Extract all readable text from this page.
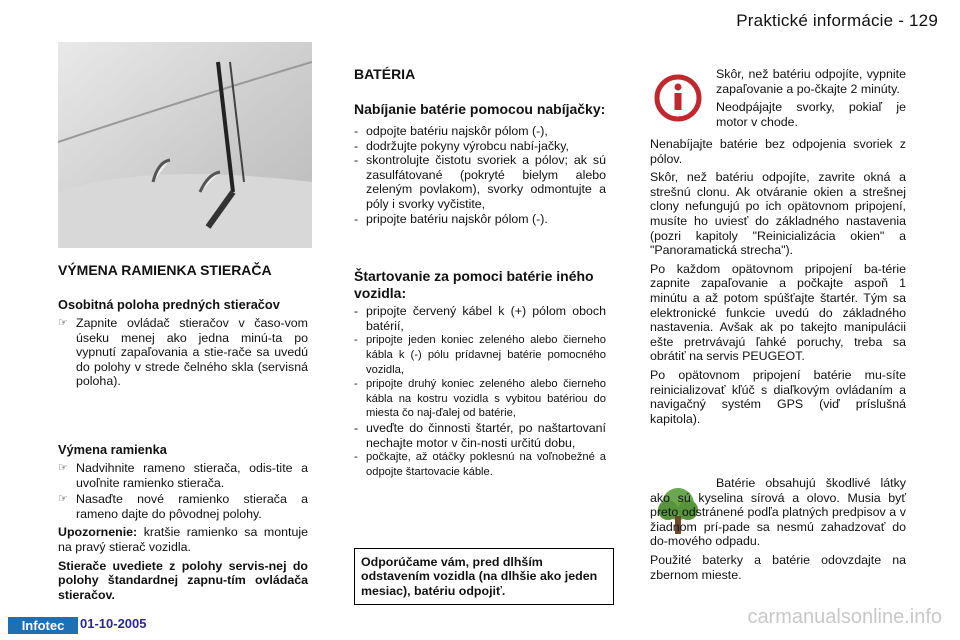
Praktické informácie - 129
VÝMENA RAMIENKA STIERAČA
Osobitná poloha predných stieračov
☞ Zapnite ovládač stieračov v časo-vom úseku menej ako jedna minú-ta po vypnutí zapaľovania a stie-rače sa uvedú do polohy v strede čelného skla (servisná poloha).
Výmena ramienka
☞ Nadvihnite rameno stierača, odis-tite a uvoľnite ramienko stierača.
☞ Nasaďte nové ramienko stierača a rameno dajte do pôvodnej polohy.

Upozornenie: kratšie ramienko sa montuje na pravý stierač vozidla.

Stierače uvediete z polohy servis-nej do polohy štandardnej zapnu-tím ovládača stieračov.

BATÉRIA
Nabíjanie batérie pomocou nabíjačky:
- odpojte batériu najskôr pólom (-),
- dodržujte pokyny výrobcu nabí-jačky,
- skontrolujte čistotu svoriek a pólov; ak sú zasulfátované (pokryté bielym alebo zeleným povlakom), svorky odmontujte a póly i svorky vyčistite,
- pripojte batériu najskôr pólom (-).
Štartovanie za pomoci batérie iného vozidla:
- pripojte červený kábel k (+) pólom oboch batérií,
- pripojte jeden koniec zeleného alebo čierneho kábla k (-) pólu prídavnej batérie pomocného vozidla,
- pripojte druhý koniec zeleného alebo čierneho kábla na kostru vozidla s vybitou batériou do miesta čo naj-ďalej od batérie,
- uveďte do činnosti štartér, po naštartovaní nechajte motor v čin-nosti určitú dobu,
- počkajte, až otáčky poklesnú na voľnobežné a odpojte štartovacie káble.
Odporúčame vám, pred dlhším odstavením vozidla (na dlhšie ako jeden mesiac), batériu odpojiť.

Skôr, než batériu odpojíte, vypnite zapaľovanie a po-čkajte 2 minúty.

Neodpájajte svorky, pokiaľ je motor v chode.

Nenabíjajte batérie bez odpojenia svoriek z pólov.

Skôr, než batériu odpojíte, zavrite okná a strešnú clonu. Ak otváranie okien a strešnej clony nefungujú po ich opätovnom pripojení, musíte ho uviesť do základného nastavenia (pozri kapitoly "Reinicializácia okien" a "Panoramatická strecha").

Po každom opätovnom pripojení ba-térie zapnite zapaľovanie a počkajte aspoň 1 minútu a až potom spúšťajte štartér. Tým sa elektronické funkcie uvedú do základného nastavenia. Avšak ak po takejto manipulácii ešte pretrvávajú ľahké poruchy, treba sa obrátiť na servis PEUGEOT.

Po opätovnom pripojení batérie mu-síte reinicializovať kľúč s diaľkovým ovládaním a navigačný systém GPS (viď príslušná kapitola).

Batérie obsahujú škodlivé látky ako sú kyselina sírová a olovo. Musia byť preto odstránené podľa platných predpisov a v žiadnom prí-pade sa nesmú zahadzovať do do-mového odpadu.

Použité baterky a batérie odovzdajte na zbernom mieste.

Infotec	01-10-2005	carmanualsonline.info
